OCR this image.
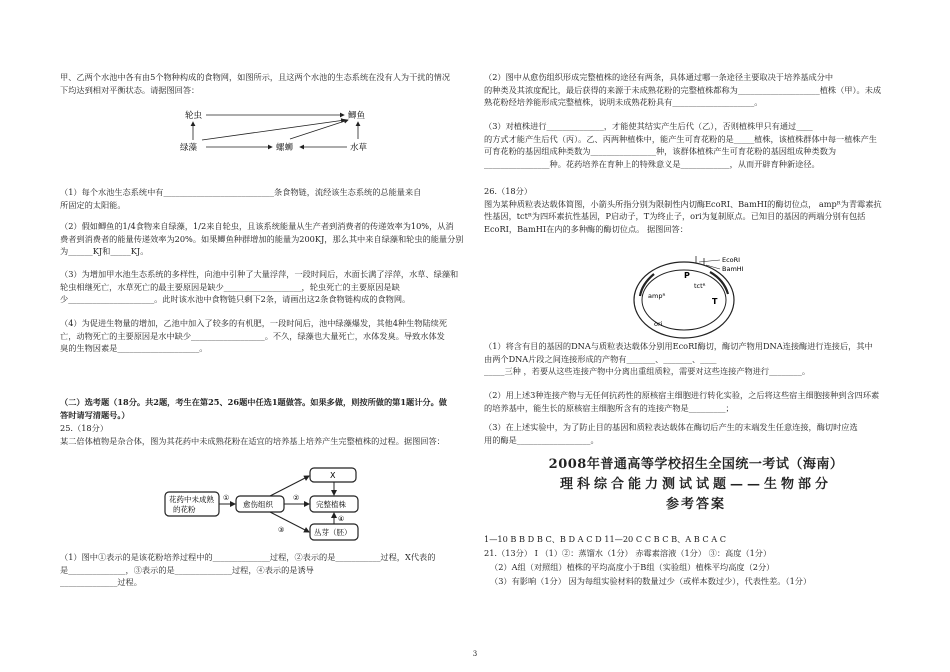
甲、乙两个水池中各有由5个物种构成的食物网，如图所示，且这两个水池的生态系统在没有人为干扰的情况

下均达到相对平衡状态。请据图回答：

轮虫	鲫鱼
绿藻	螺蛳	水草

（1）每个水池生态系统中有___________________________条食物链，流经该生态系统的总能量来自

所固定的太阳能。

（2）假如鲫鱼的1/4食物来自绿藻，1/2来自轮虫，且该系统能量从生产者到消费者的传递效率为10%，从消

费者到消费者的能量传递效率为20%。如果鲫鱼种群增加的能量为200KJ，那么其中来自绿藻和轮虫的能量分别

为______KJ和_____KJ。

（3）为增加甲水池生态系统的多样性，向池中引种了大量浮萍，一段时间后，水面长满了浮萍，水草、绿藻和

轮虫相继死亡，水草死亡的最主要原因是缺少___________________，轮虫死亡的主要原因是缺

少_____________________。此时该水池中食物链只剩下2条，请画出这2条食物链构成的食物网。

（4）为促进生物量的增加，乙池中加入了较多的有机肥，一段时间后，池中绿藻爆发，其他4种生物陆续死

亡，动物死亡的主要原因是水中缺少__________________。不久，绿藻也大量死亡，水体发臭。导致水体发

臭的生物因素是____________________。

（二）选考题（18分。共2题，考生在第25、26题中任选1题做答。如果多做，则按所做的第1题计分。做

答时请写清题号。）

25.（18分）

某二倍体植物是杂合体，图为其花药中未成熟花粉在适宜的培养基上培养产生完整植株的过程。据图回答：

花药中未成熟
的花粉
愈伤组织
X
完整植株
丛芽（胚）
①	②
③
④

（1）图中①表示的是该花粉培养过程中的______________过程，②表示的是___________过程，X代表的

是______________，③表示的是______________过程，④表示的是诱导

______________过程。

（2）图中从愈伤组织形成完整植株的途径有两条，具体通过哪一条途径主要取决于培养基成分中

的种类及其浓度配比，最后获得的来源于未成熟花粉的完整植株都称为____________________植株（甲）。未成

熟花粉经培养能形成完整植株，说明未成熟花粉具有____________________。

（3）对植株进行______________，才能使其结实产生后代（乙），否则植株甲只有通过____

的方式才能产生后代（丙）。乙、丙两种植株中，能产生可育花粉的是_____植株，该植株群体中每一植株产生

可育花粉的基因组成种类数为________________种，该群体植株产生可育花粉的基因组成种类数为

________________种。花药培养在育种上的特殊意义是____________，从而开辟育种新途径。

26.（18分）

图为某种质粒表达载体简图，小箭头所指分别为限制性内切酶EcoRI、BamHI的酶切位点， ampᴿ为青霉素抗

性基因，tctᴿ为四环素抗性基因，P启动子，T为终止子，ori为复制原点。已知目的基因的两端分别有包括

EcoRI，BamHI在内的多种酶的酶切位点。 据图回答：

EcoRI
BamHI
P
ampᴿ
tctᴿ
T
ori

（1）将含有目的基因的DNA与质粒表达载体分别用EcoRI酶切，酶切产物用DNA连接酶进行连接后，其中

由两个DNA片段之间连接形成的产物有_______、_______、____

_____三种 ，若要从这些连接产物中分离出重组质粒，需要对这些连接产物进行________。

（2）用上述3种连接产物与无任何抗药性的原核宿主细胞进行转化实验，之后将这些宿主细胞接种到含四环素

的培养基中，能生长的原核宿主细胞所含有的连接产物是_________；

（3）在上述实验中，为了防止目的基因和质粒表达载体在酶切后产生的末端发生任意连接，酶切时应选

用的酶是__________________。

2008年普通高等学校招生全国统一考试（海南）

理科综合能力测试试题——生物部分

参考答案

1—10 B B D B C、B D A C D 11—20 C C B C B、A B C A C

21.（13分） I （1）②：蒸馏水（1分） 赤霉素溶液（1分） ③：高度（1分）

（2）A组（对照组）植株的平均高度小于B组（实验组）植株平均高度（2分）

（3）有影响（1分） 因为每组实验材料的数量过少（或样本数过少），代表性差。（1分）

3
